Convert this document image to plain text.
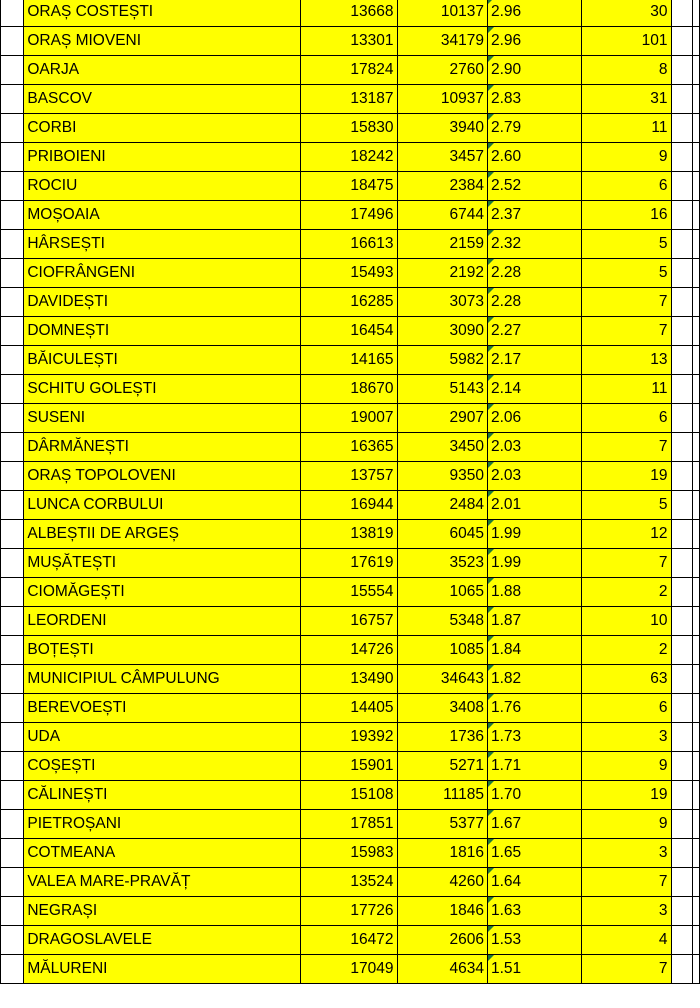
	ORAȘ COSTEȘTI	13668	10137	2.96	30		
	ORAȘ MIOVENI	13301	34179	2.96	101		
	OARJA	17824	2760	2.90	8		
	BASCOV	13187	10937	2.83	31		
	CORBI	15830	3940	2.79	11		
	PRIBOIENI	18242	3457	2.60	9		
	ROCIU	18475	2384	2.52	6		
	MOȘOAIA	17496	6744	2.37	16		
	HÂRSEȘTI	16613	2159	2.32	5		
	CIOFRÂNGENI	15493	2192	2.28	5		
	DAVIDEȘTI	16285	3073	2.28	7		
	DOMNEȘTI	16454	3090	2.27	7		
	BĂICULEȘTI	14165	5982	2.17	13		
	SCHITU GOLEȘTI	18670	5143	2.14	11		
	SUSENI	19007	2907	2.06	6		
	DÂRMĂNEȘTI	16365	3450	2.03	7		
	ORAȘ TOPOLOVENI	13757	9350	2.03	19		
	LUNCA CORBULUI	16944	2484	2.01	5		
	ALBEȘTII DE ARGEȘ	13819	6045	1.99	12		
	MUȘĂTEȘTI	17619	3523	1.99	7		
	CIOMĂGEȘTI	15554	1065	1.88	2		
	LEORDENI	16757	5348	1.87	10		
	BOȚEȘTI	14726	1085	1.84	2		
	MUNICIPIUL CÂMPULUNG	13490	34643	1.82	63		
	BEREVOEȘTI	14405	3408	1.76	6		
	UDA	19392	1736	1.73	3		
	COȘEȘTI	15901	5271	1.71	9		
	CĂLINEȘTI	15108	11185	1.70	19		
	PIETROȘANI	17851	5377	1.67	9		
	COTMEANA	15983	1816	1.65	3		
	VALEA MARE-PRAVĂȚ	13524	4260	1.64	7		
	NEGRAȘI	17726	1846	1.63	3		
	DRAGOSLAVELE	16472	2606	1.53	4		
	MĂLURENI	17049	4634	1.51	7		
